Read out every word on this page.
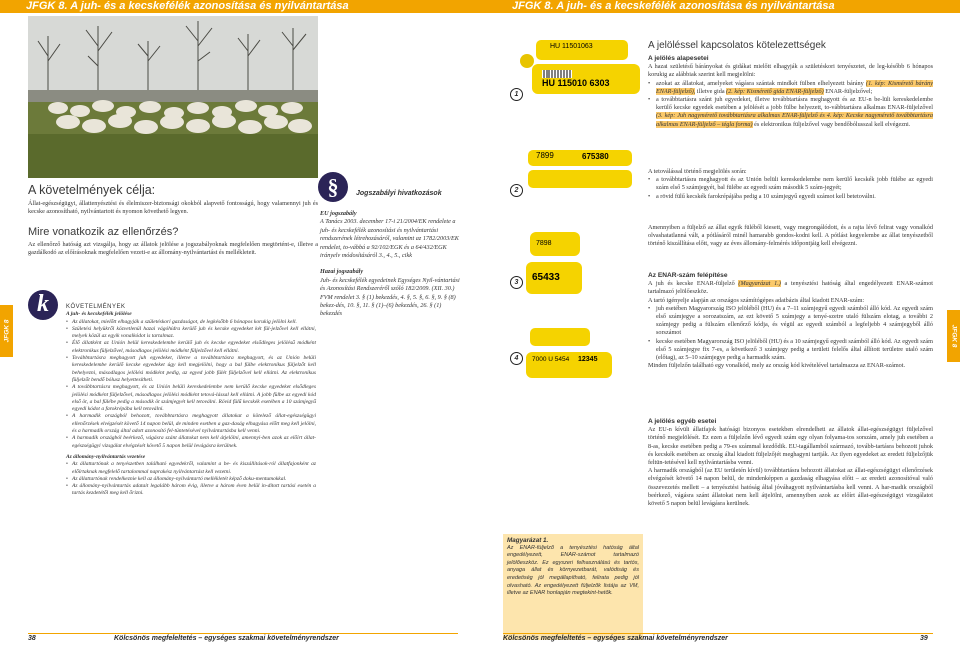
JFGK 8. A juh- és a kecskefélék azonosítása és nyilvántartása	JFGK 8. A juh- és a kecskefélék azonosítása és nyilvántartása
JFGK 8	JFGK 8
A követelmények célja:

Állat-egészségügyi, állattenyésztési és élelmiszer-biztonsági okokból alapvető fontosságú, hogy valamennyi juh és kecske azonosítható, nyilvántartott és nyomon követhető legyen.

Mire vonatkozik az ellenőrzés?

Az ellenőrző hatóság azt vizsgálja, hogy az állatok jelölése a jogszabályoknak megfelelően megtörtént-e, illetve a gazdálkodó az előírásoknak megfelelően vezeti-e az állomány-nyilvántartást és mellékleteit.

k	KÖVETELMÉNYEK
A juh- és kecskefélék jelölése
• Az állatokat, mielőtt elhagyják a születéskori gazdaságot, de legkésőbb 6 hónapos korukig jelölni kell.
• Születési helyükről közvetlenül hazai vágóhídra kerülő juh és kecske egyedeket két fül-jelzővel kell ellátni, melyek közül az egyik vonalkódot is tartalmaz.
• Élő állatként az Unión belül kereskedelembe kerülő juh és kecske egyedeket elsődleges jelölésű módként elektronikus füljelzővel, másodlagos jelölési módként füljelzővel kell ellátni.
• Továbbtartásra meghagyott juh egyedeket, illetve a továbbtartásra meghagyott, és az Unión belüli kereskedelembe kerülő kecske egyedeket úgy kell megjelölni, hogy a bal fülbe elektronikus füljelzőt kell behelyezni, másodlagos jelölési módként pedig, az egyed jobb fülét füljelzővel kell ellátni. Az elektronikus füljelzőt bendő bólusz helyettesítheti.
• A továbbtartásra meghagyott, és az Unión belüli kereskedelembe nem kerülő kecske egyedeket elsődleges jelölési módként füljelzővel, másodlagos jelölési módként tetová-lással kell ellátni. A jobb fülbe az egyedi kód első öt, a bal fülébe pedig a második öt számjegyét kell tetoválni. Rövid fülű kecskék esetében a 10 számjegyű egyedi kódot a farokrépába kell tetoválni.
• A harmadik országból behozott, továbbtartásra meghagyott állatokat a kötelező állat-egészségügyi ellenőrzések elvégzését követő 14 napon belül, de minden esetben a gaz-daság elhagyása előtt meg kell jelölni, és a harmadik ország által adott azonosító fel-tüntetésével nyilvántartásba kell venni.
• A harmadik országból beérkező, vágásra szánt állatokat nem kell átjelölni, amennyi-ben azok az előírt állat-egészségügyi vizsgálat elvégzését követő 5 napon belül levágásra kerülnek.
Az állomány-nyilvántartás vezetése
• Az állattartónak a tenyészetben található egyedekről, valamint a be- és kiszállítások-ról állatfajonként az előírtaknak megfelelő tartalommal naprakész nyilvántartást kell vezetni.
• Az állattartónak rendelkeznie kell az állomány-nyilvántartó mellékletét képző doku-mentumokkal.
• Az állomány-nyilvántartás adatait legalább három évig, illetve a három éven belül in-dított tartási esetén a tartás kezdetétől meg kell őrizni.
§	Jogszabályi hivatkozások
EU jogszabály
A Tanács 2003. december 17-i 21/2004/EK rendelete a juh- és kecskefélék azonosítási és nyilvántartási rendszerének létrehozásáról, valamint az 1782/2003/EK rendelet, to-vábbá a 92/102/EGK és a 64/432/EGK irányelv módosításáról 3., 4., 5., cikk
Hazai jogszabály
Juh- és kecskefélék egyedeinek Egységes Nyil-vántartási és Azonosítási Rendszeréről szóló 182/2009. (XII. 30.) FVM rendelet 3. § (1) bekezdés, 4. §, 5. §, 6. §, 9. § (8) bekez-dés, 10. §, 11. § (1)–(6) bekezdés, 26. § (1) bekezdés
HU 11501063
HU 115010 6303
1
7899	675380
2
7898
65433
3
7000 U 5454 12345
4
Magyarázat 1.
Az ENAR-füljelző a tenyésztési hatóság által engedélyezett, ENAR-számot tartalmazó jelölőeszköz. Ez egyszeri felhasználású és tartós, anyaga állat és környezetbarát, valódiság és eredetiség jól megállapítható, felirata pedig jól olvasható. Az engedélyezett füljelzők listája az VM, illetve az ENAR honlapján megtekint-hetők.
A jelöléssel kapcsolatos kötelezettségek
A jelölés alapesetei
A hazai születésű bárányokat és gidákat mielőtt elhagyják a születéskori tenyészetet, de leg-később 6 hónapos korukig az alábbiak szerint kell megjelölni:
• azokat az állatokat, amelyeket vágásra szántak mindkét fülben elhelyezett bárány (1. kép: Kismérető bárány ENAR-füljelző), illetve gida (2. kép: Kismérető gida ENAR-füljelző) ENAR-füljelzővel;
• a továbbtartásra szánt juh egyedeket, illetve továbbtartásra meghagyott és az EU-n be-lüli kereskedelembe kerülő kecske egyedek esetében a jelölését a jobb fülbe helyezett, to-vábbtartásra alkalmas ENAR-füljelzővel (3. kép: Juh nagymérető továbbtartásra alkalmas ENAR-füljelző és 4. kép: Kecske nagymérető továbbtartásra alkalmas ENAR-füljelző – tégla forma) és elektronikus füljelzővel vagy bendőbólusszal kell elvégezni.
A tetoválással történő megjelölés során:
• a továbbtartásra meghagyott és az Unión belüli kereskedelembe nem kerülő kecskék jobb fülébe az egyedi szám első 5 számjegyét, bal fülébe az egyedi szám második 5 szám-jegyét;
• a rövid fülű kecskék farokrépájába pedig a 10 számjegyű egyedi számot kell betetoválni.
Amennyiben a füljelző az állat egyik füléből kiesett, vagy megrongálódott, és a rajta lévő felirat vagy vonalkód olvashatatlanná vált, a pótlásáról minél hamarabb gondos-kodni kell. A pótlást kegyelembe az állat tenyészetből történő kiszállítása előtt, vagy az éves állomány-felmérés időpontjáig kell elvégezni.
Az ENAR-szám felépítése
A juh és kecske ENAR-füljelző (Magyarázat 1.) a tenyésztési hatóság által engedélyezett ENAR-számot tartalmazó jelölőeszköz.
A tartó igényelje alapján az országos számítógépes adatbázis által kiadott ENAR-szám:
• juh esetében Magyarország ISO jelöléből (HU) és a 7–11 számjegyű egyedi számból álló kód. Az egyedi szám első számjegye a sorozatszám, az ezt követő 5 számjegy a tenyé-szetre utaló fülszám elotag, a további 2 számjegy pedig a fülszám ellenőrző kódja, és végül az egyedi számból a legfeljebb 4 számjegyből álló sorszámot
• kecske esetében Magyarország ISO jelöléből (HU) és a 10 számjegyű egyedi számból álló kód. Az egyedi szám első 5 számjegye fix 7-es, a következő 3 számjegy pedig a területi felelős által állított területre utaló szám (előtag), az 5–10 számjegye pedig a harmadik szám.
Minden füljelzőn található egy vonalkód, mely az ország kód kivételével tartalmazza az ENAR-számot.
A jelölés egyéb esetei
Az EU-n kívüli állatfajok hatósági bizonyos esetekben elrendelheti az állatok állat-egészségügyi füljelzővel történő megjelölését. Ez ezen a füljelzőn lévő egyedi szám egy olyan folyama-tos sorszám, amely juh esetében a 8-as, kecske esetében pedig a 79-es számmal kezdődik. EU-tagállamból származó, tovább-tartásra behozott juhok és kecskék esetében az ország által kiadott füljelzőjét meghagyni tartják. Az ilyen egyedeket az eredeti füljelzőjük feltün-tetésével kell nyilvántartásba venni.
A harmadik országból (az EU területén kívül) továbbtartásra behozott állatokat az állat-egészségügyi ellenőrzések elvégzését követő 14 napon belül, de mindenképpen a gazdaság elhagyása előtt – az eredeti azonosítóval való összevezetés mellett – a tenyésztési hatóság által jóváhagyott nyilvántartásba kell venni. A har-madik országból beérkező, vágásra szánt állatokat nem kell átjelölni, amennyiben azok az előírt állat-egészségügyi vizsgálatot követő 5 napon belül levágásra kerülnek.
38	Kölcsönös megfeleltetés – egységes szakmai követelményrendszer	Kölcsönös megfeleltetés – egységes szakmai követelményrendszer	39
